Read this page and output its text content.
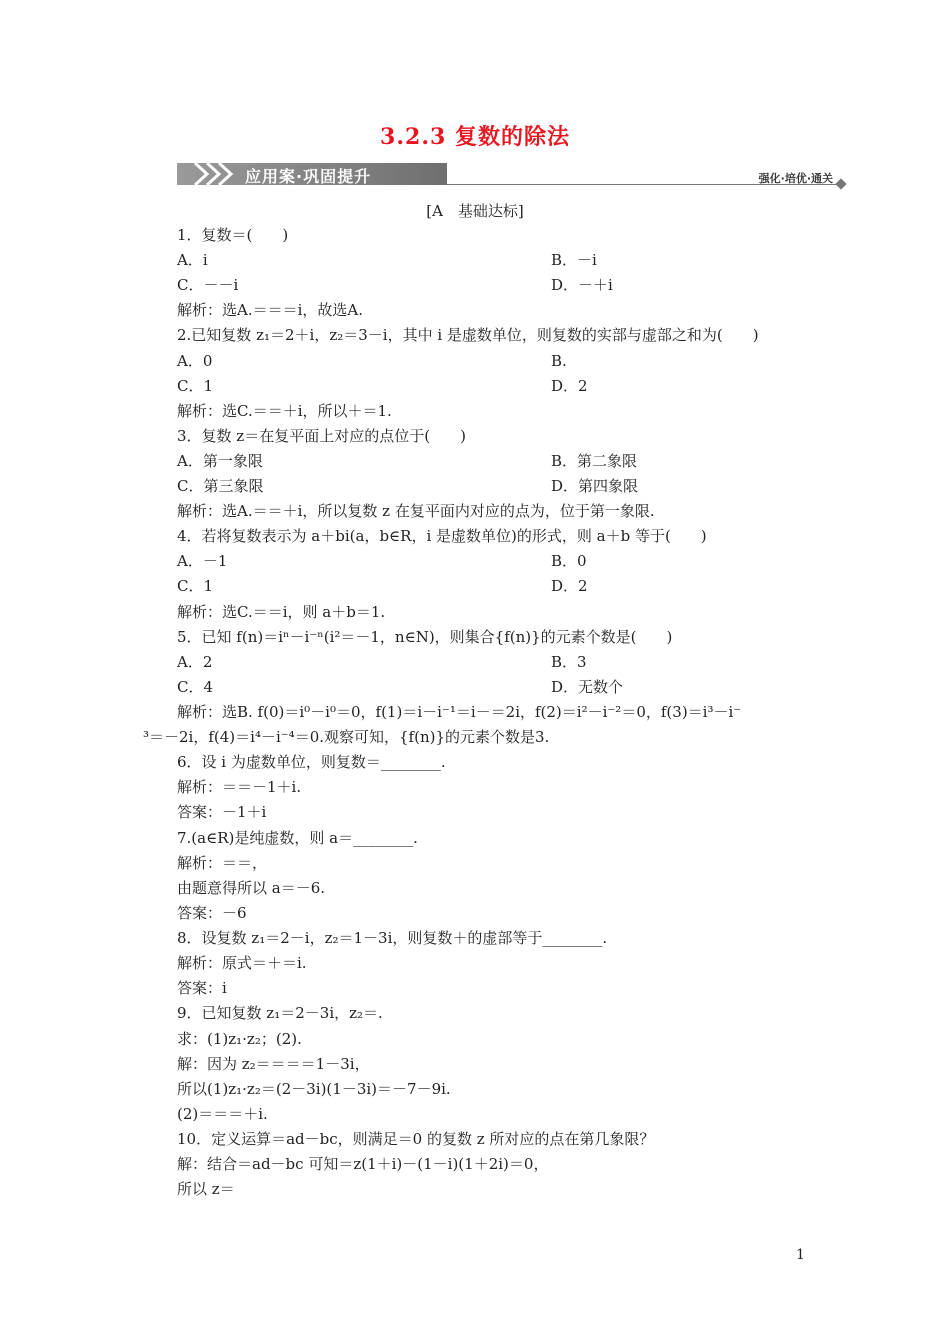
3.2.3 复数的除法
应用案·巩固提升	强化·培优·通关
[A　基础达标]
1．复数＝(　　)
A．i	B．－i
C．－－i	D．－＋i
解析：选A.＝＝＝i，故选A.
2.已知复数 z₁＝2＋i，z₂＝3－i，其中 i 是虚数单位，则复数的实部与虚部之和为(　　)
A．0	B.
C．1	D．2
解析：选C.＝＝＋i，所以＋＝1.
3．复数 z＝在复平面上对应的点位于(　　)
A．第一象限	B．第二象限
C．第三象限	D．第四象限
解析：选A.＝＝＋i，所以复数 z 在复平面内对应的点为，位于第一象限.
4．若将复数表示为 a＋bi(a，b∈R，i 是虚数单位)的形式，则 a＋b 等于(　　)
A．－1	B．0
C．1	D．2
解析：选C.＝＝i，则 a＋b＝1.
5．已知 f(n)＝iⁿ－i⁻ⁿ(i²＝－1，n∈N)，则集合{f(n)}的元素个数是(　　)
A．2	B．3
C．4	D．无数个
解析：选B. f(0)＝i⁰－i⁰＝0，f(1)＝i－i⁻¹＝i－＝2i，f(2)＝i²－i⁻²＝0，f(3)＝i³－i⁻
³＝－2i，f(4)＝i⁴－i⁻⁴＝0.观察可知，{f(n)}的元素个数是3.
6．设 i 为虚数单位，则复数＝________.
解析：＝＝－1＋i.
答案：－1＋i
7.(a∈R)是纯虚数，则 a＝________.
解析：＝＝，
由题意得所以 a＝－6.
答案：－6
8．设复数 z₁＝2－i，z₂＝1－3i，则复数＋的虚部等于________.
解析：原式＝＋＝i.
答案：i
9．已知复数 z₁＝2－3i，z₂＝.
求：(1)z₁·z₂；(2).
解：因为 z₂＝＝＝＝1－3i，
所以(1)z₁·z₂＝(2－3i)(1－3i)＝－7－9i.
(2)＝＝＝＋i.
10．定义运算＝ad－bc，则满足＝0 的复数 z 所对应的点在第几象限？
解：结合＝ad－bc 可知＝z(1＋i)－(1－i)(1＋2i)＝0，
所以 z＝
1
